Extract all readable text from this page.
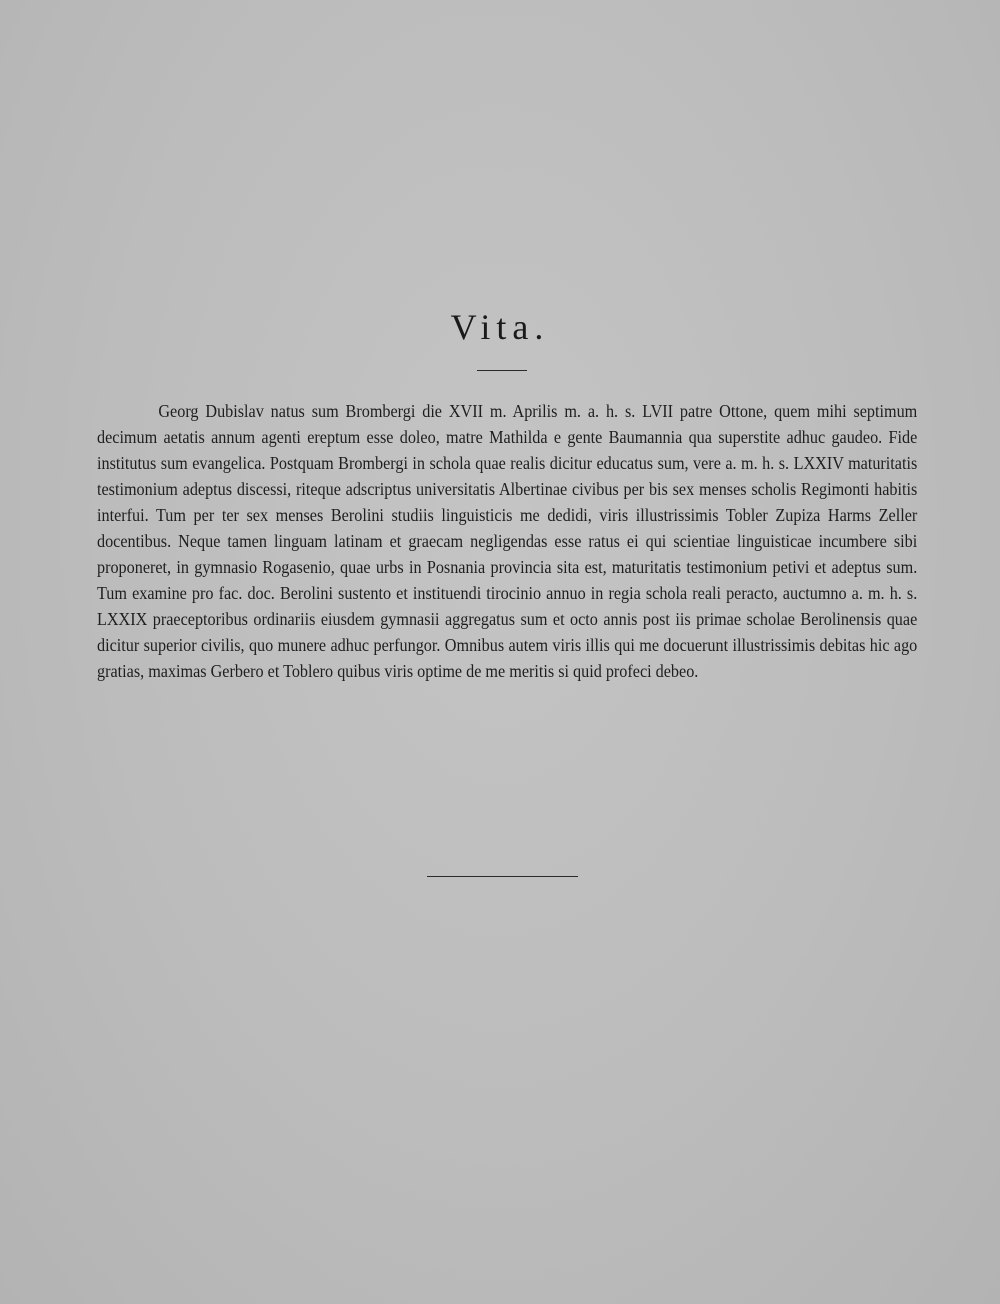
Vita.

Georg Dubislav natus sum Brombergi die XVII m. Aprilis m. a. h. s. LVII patre Ottone, quem mihi septimum decimum aetatis annum agenti ereptum esse doleo, matre Mathilda e gente Baumannia qua superstite adhuc gaudeo. Fide institutus sum evangelica. Postquam Brombergi in schola quae realis dicitur educatus sum, vere a. m. h. s. LXXIV maturitatis testimonium adeptus discessi, riteque adscriptus universitatis Albertinae civibus per bis sex menses scholis Regimonti habitis interfui. Tum per ter sex menses Berolini studiis linguisticis me dedidi, viris illustrissimis Tobler Zupiza Harms Zeller docentibus. Neque tamen linguam latinam et graecam negligendas esse ratus ei qui scientiae linguisticae incumbere sibi proponeret, in gymnasio Rogasenio, quae urbs in Posnania provincia sita est, maturitatis testimonium petivi et adeptus sum. Tum examine pro fac. doc. Berolini sustento et instituendi tirocinio annuo in regia schola reali peracto, auctumno a. m. h. s. LXXIX praeceptoribus ordinariis eiusdem gymnasii aggregatus sum et octo annis post iis primae scholae Berolinensis quae dicitur superior civilis, quo munere adhuc perfungor. Omnibus autem viris illis qui me docuerunt illustrissimis debitas hic ago gratias, maximas Gerbero et Toblero quibus viris optime de me meritis si quid profeci debeo.
